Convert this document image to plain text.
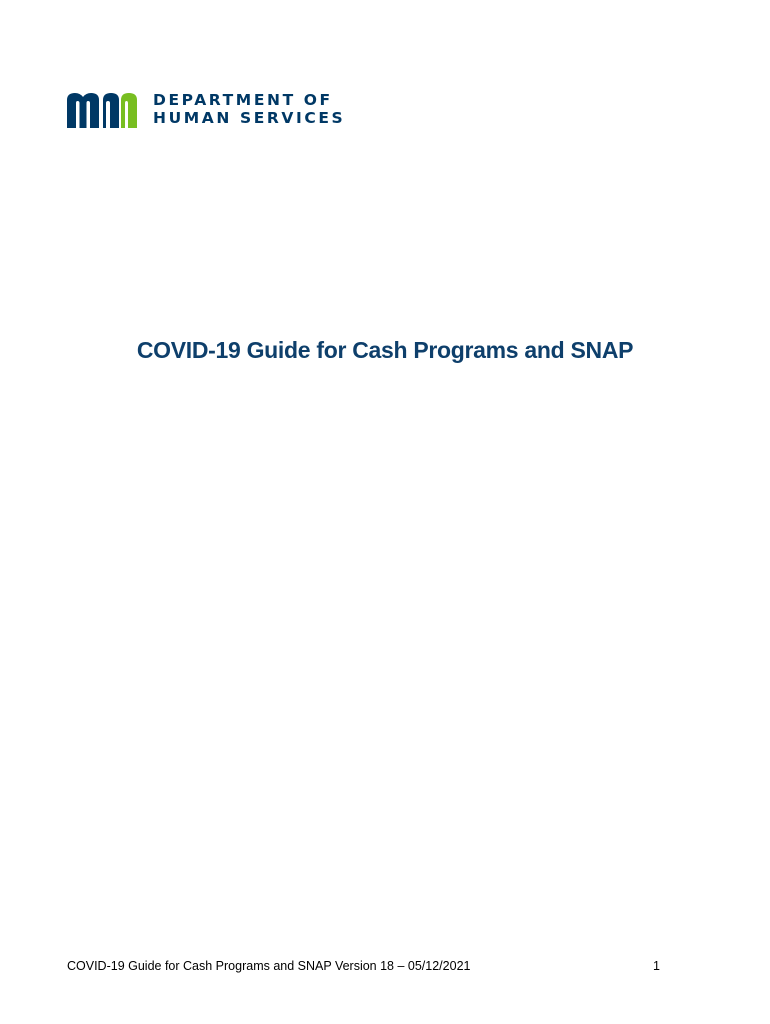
DEPARTMENT OF
HUMAN SERVICES
COVID-19 Guide for Cash Programs and SNAP
COVID-19 Guide for Cash Programs and SNAP Version 18 – 05/12/2021	1
